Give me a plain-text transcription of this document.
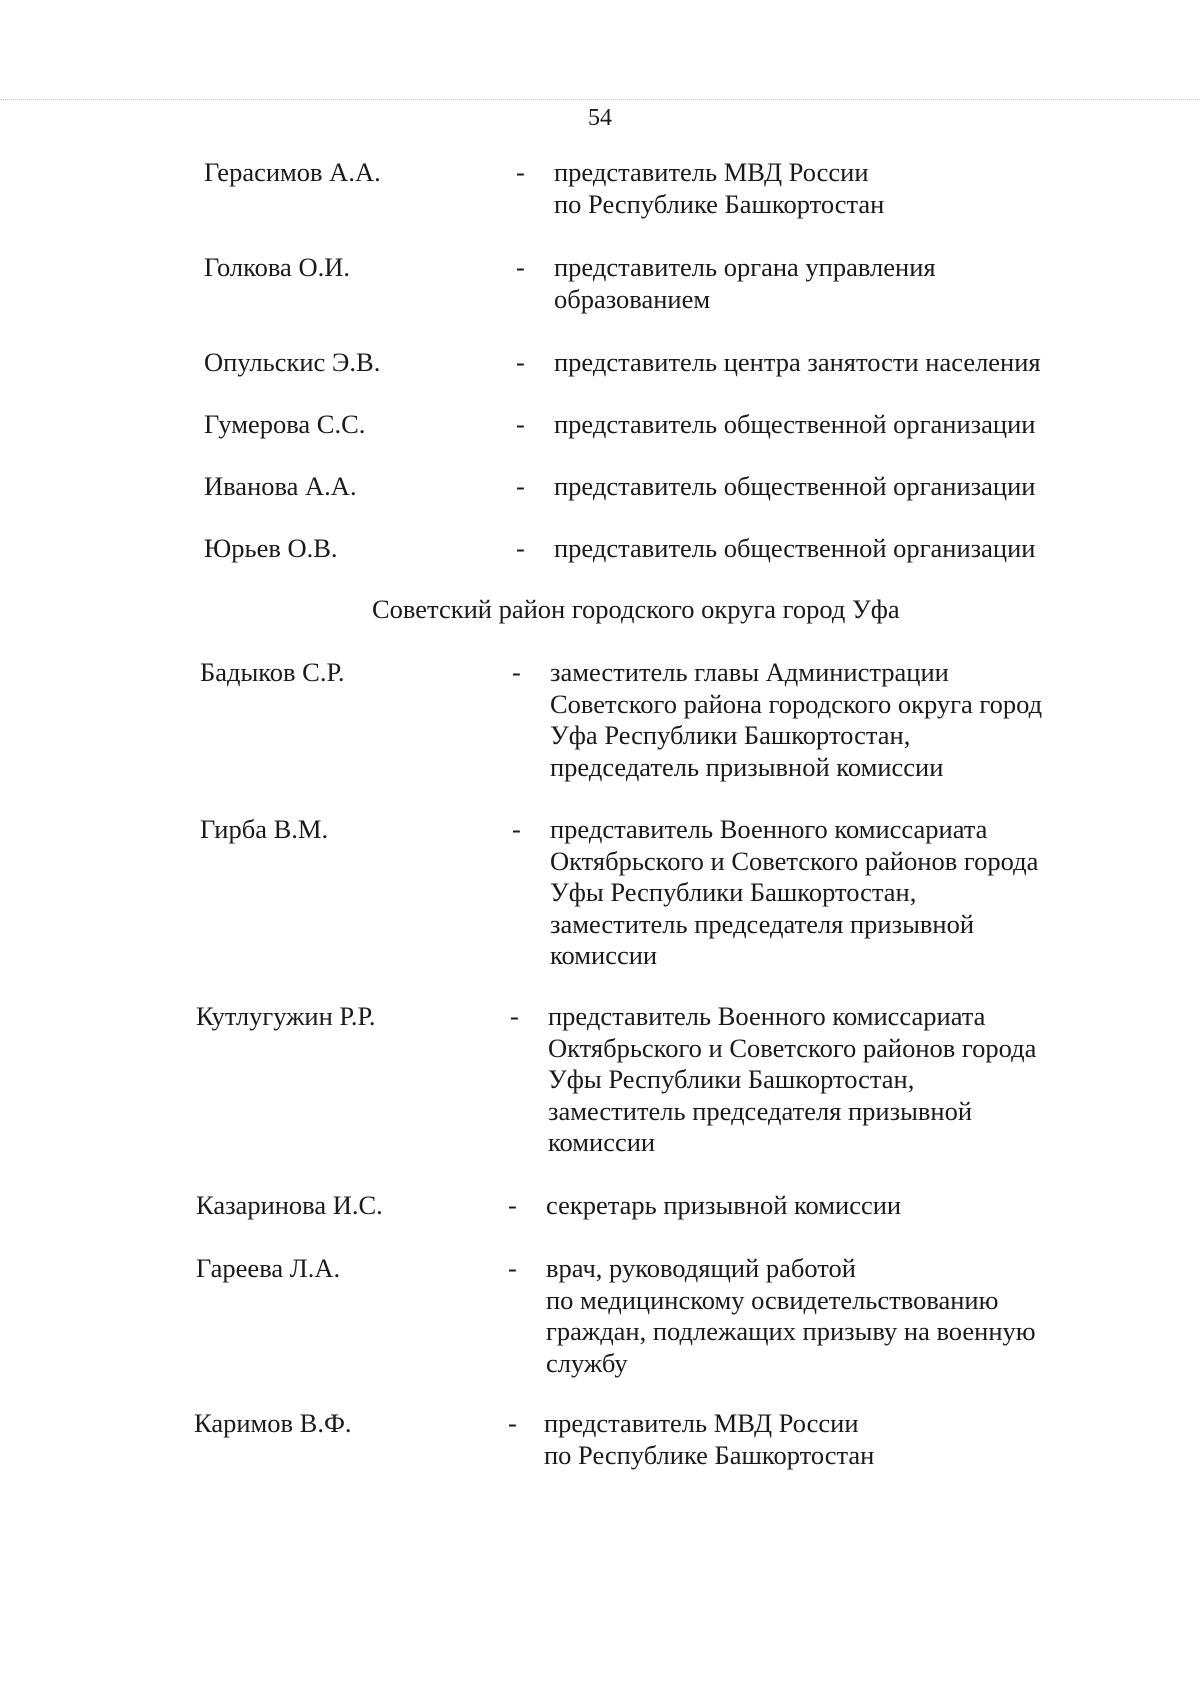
54
Герасимов А.А.	- представитель МВД России
по Республике Башкортостан
Голкова О.И.	- представитель органа управления
образованием
Опульскис Э.В.	- представитель центра занятости населения
Гумерова С.С.	- представитель общественной организации
Иванова А.А.	- представитель общественной организации
Юрьев О.В.	- представитель общественной организации
Советский район городского округа город Уфа
Бадыков С.Р.	- заместитель главы Администрации
Советского района городского округа город
Уфа Республики Башкортостан,
председатель призывной комиссии
Гирба В.М.	- представитель Военного комиссариата
Октябрьского и Советского районов города
Уфы Республики Башкортостан,
заместитель председателя призывной
комиссии
Кутлугужин Р.Р.	- представитель Военного комиссариата
Октябрьского и Советского районов города
Уфы Республики Башкортостан,
заместитель председателя призывной
комиссии
Казаринова И.С.	- секретарь призывной комиссии
Гареева Л.А.	- врач, руководящий работой
по медицинскому освидетельствованию
граждан, подлежащих призыву на военную
службу
Каримов В.Ф.	- представитель МВД России
по Республике Башкортостан
